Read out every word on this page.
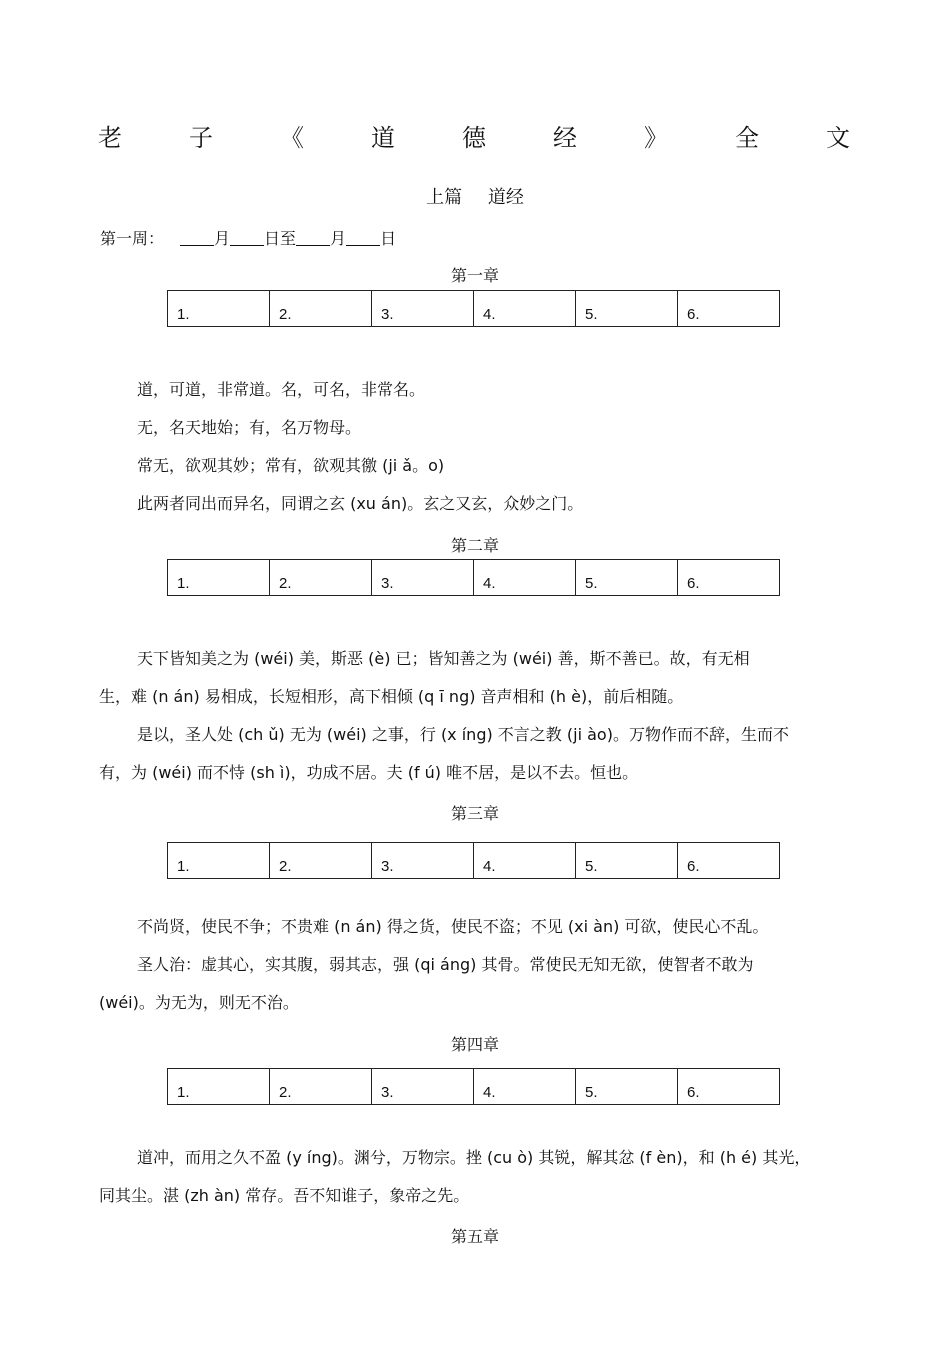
老	子	《	道	德	经	》	全	文
上篇 道经
第一周：	月 日至 月 日
第一章
1.	2.	3.	4.	5.	6.
道，可道，非常道。名，可名，非常名。
无，名天地始；有，名万物母。
常无，欲观其妙；常有，欲观其徼 (ji ǎ。o)
此两者同出而异名，同谓之玄 (xu án)。玄之又玄，众妙之门。
第二章
1.	2.	3.	4.	5.	6.
天下皆知美之为 (wéi) 美，斯恶 (è) 已；皆知善之为 (wéi) 善，斯不善已。故，有无相
生，难 (n án) 易相成，长短相形，高下相倾 (q ī ng) 音声相和 (h è)，前后相随。
是以，圣人处 (ch ǔ) 无为 (wéi) 之事，行 (x íng) 不言之教 (ji ào)。万物作而不辞，生而不
有，为 (wéi) 而不恃 (sh ì)，功成不居。夫 (f ú) 唯不居，是以不去。恒也。
第三章
1.	2.	3.	4.	5.	6.
不尚贤，使民不争；不贵难 (n án) 得之货，使民不盗；不见 (xi àn) 可欲，使民心不乱。
圣人治：虚其心，实其腹，弱其志，强 (qi áng) 其骨。常使民无知无欲，使智者不敢为
(wéi)。为无为，则无不治。
第四章
1.	2.	3.	4.	5.	6.
道冲，而用之久不盈 (y íng)。渊兮，万物宗。挫 (cu ò) 其锐，解其忿 (f èn)，和 (h é) 其光，
同其尘。湛 (zh àn) 常存。吾不知谁子，象帝之先。
第五章
